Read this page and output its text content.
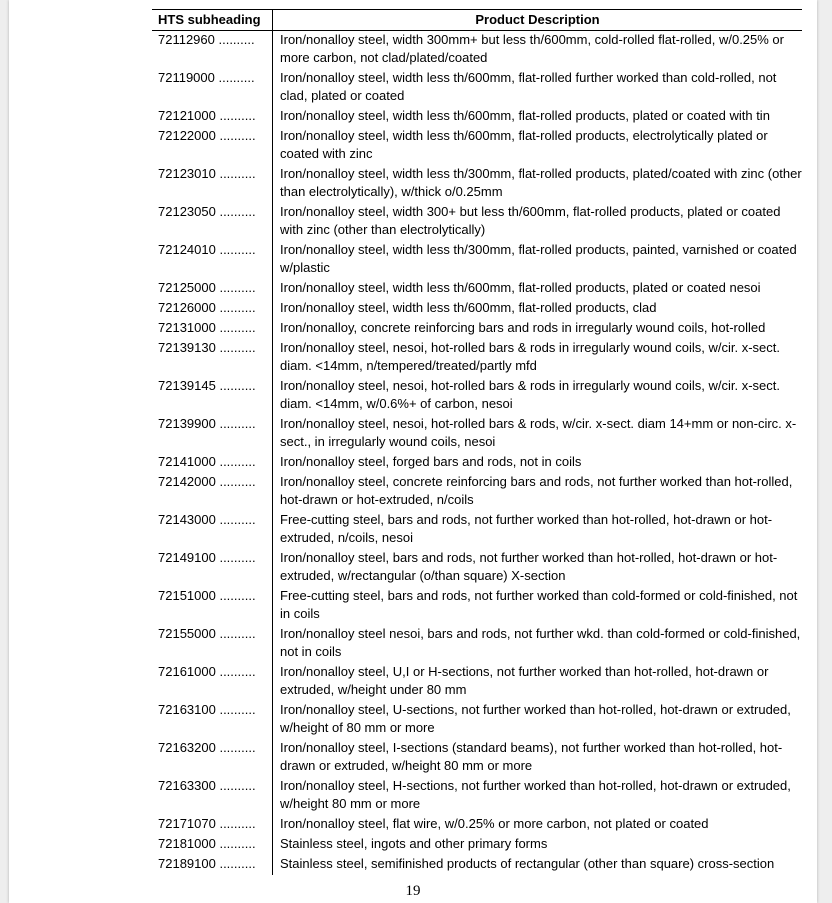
HTS subheading	Product Description
72112960 ..........	Iron/nonalloy steel, width 300mm+ but less th/600mm, cold-rolled flat-rolled, w/0.25% or more carbon, not clad/plated/coated
72119000 ..........	Iron/nonalloy steel, width less th/600mm, flat-rolled further worked than cold-rolled, not clad, plated or coated
72121000 ..........	Iron/nonalloy steel, width less th/600mm, flat-rolled products, plated or coated with tin
72122000 ..........	Iron/nonalloy steel, width less th/600mm, flat-rolled products, electrolytically plated or coated with zinc
72123010 ..........	Iron/nonalloy steel, width less th/300mm, flat-rolled products, plated/coated with zinc (other than electrolytically), w/thick o/0.25mm
72123050 ..........	Iron/nonalloy steel, width 300+ but less th/600mm, flat-rolled products, plated or coated with zinc (other than electrolytically)
72124010 ..........	Iron/nonalloy steel, width less th/300mm, flat-rolled products, painted, varnished or coated w/plastic
72125000 ..........	Iron/nonalloy steel, width less th/600mm, flat-rolled products, plated or coated nesoi
72126000 ..........	Iron/nonalloy steel, width less th/600mm, flat-rolled products, clad
72131000 ..........	Iron/nonalloy, concrete reinforcing bars and rods in irregularly wound coils, hot-rolled
72139130 ..........	Iron/nonalloy steel, nesoi, hot-rolled bars & rods in irregularly wound coils, w/cir. x-sect. diam. <14mm, n/tempered/treated/partly mfd
72139145 ..........	Iron/nonalloy steel, nesoi, hot-rolled bars & rods in irregularly wound coils, w/cir. x-sect. diam. <14mm, w/0.6%+ of carbon, nesoi
72139900 ..........	Iron/nonalloy steel, nesoi, hot-rolled bars & rods, w/cir. x-sect. diam 14+mm or non-circ. x-sect., in irregularly wound coils, nesoi
72141000 ..........	Iron/nonalloy steel, forged bars and rods, not in coils
72142000 ..........	Iron/nonalloy steel, concrete reinforcing bars and rods, not further worked than hot-rolled, hot-drawn or hot-extruded, n/coils
72143000 ..........	Free-cutting steel, bars and rods, not further worked than hot-rolled, hot-drawn or hot-extruded, n/coils, nesoi
72149100 ..........	Iron/nonalloy steel, bars and rods, not further worked than hot-rolled, hot-drawn or hot-extruded, w/rectangular (o/than square) X-section
72151000 ..........	Free-cutting steel, bars and rods, not further worked than cold-formed or cold-finished, not in coils
72155000 ..........	Iron/nonalloy steel nesoi, bars and rods, not further wkd. than cold-formed or cold-finished, not in coils
72161000 ..........	Iron/nonalloy steel, U,I or H-sections, not further worked than hot-rolled, hot-drawn or extruded, w/height under 80 mm
72163100 ..........	Iron/nonalloy steel, U-sections, not further worked than hot-rolled, hot-drawn or extruded, w/height of 80 mm or more
72163200 ..........	Iron/nonalloy steel, I-sections (standard beams), not further worked than hot-rolled, hot-drawn or extruded, w/height 80 mm or more
72163300 ..........	Iron/nonalloy steel, H-sections, not further worked than hot-rolled, hot-drawn or extruded, w/height 80 mm or more
72171070 ..........	Iron/nonalloy steel, flat wire, w/0.25% or more carbon, not plated or coated
72181000 ..........	Stainless steel, ingots and other primary forms
72189100 ..........	Stainless steel, semifinished products of rectangular (other than square) cross-section
19
